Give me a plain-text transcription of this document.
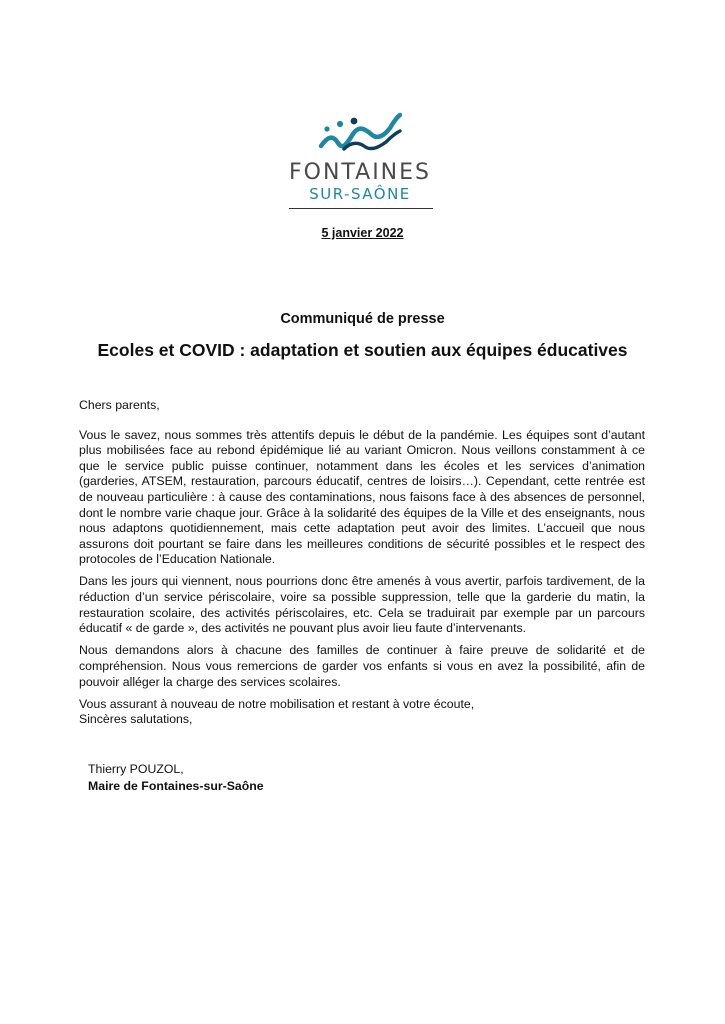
FONTAINES
SUR-SAÔNE
5 janvier 2022
Communiqué de presse
Ecoles et COVID : adaptation et soutien aux équipes éducatives

Chers parents,

Vous le savez, nous sommes très attentifs depuis le début de la pandémie. Les équipes sont d’autant plus mobilisées face au rebond épidémique lié au variant Omicron. Nous veillons constamment à ce que le service public puisse continuer, notamment dans les écoles et les services d’animation (garderies, ATSEM, restauration, parcours éducatif, centres de loisirs…). Cependant, cette rentrée est de nouveau particulière : à cause des contaminations, nous faisons face à des absences de personnel, dont le nombre varie chaque jour. Grâce à la solidarité des équipes de la Ville et des enseignants, nous nous adaptons quotidiennement, mais cette adaptation peut avoir des limites. L’accueil que nous assurons doit pourtant se faire dans les meilleures conditions de sécurité possibles et le respect des protocoles de l’Education Nationale.

Dans les jours qui viennent, nous pourrions donc être amenés à vous avertir, parfois tardivement, de la réduction d’un service périscolaire, voire sa possible suppression, telle que la garderie du matin, la restauration scolaire, des activités périscolaires, etc. Cela se traduirait par exemple par un parcours éducatif « de garde », des activités ne pouvant plus avoir lieu faute d’intervenants.

Nous demandons alors à chacune des familles de continuer à faire preuve de solidarité et de compréhension. Nous vous remercions de garder vos enfants si vous en avez la possibilité, afin de pouvoir alléger la charge des services scolaires.

Vous assurant à nouveau de notre mobilisation et restant à votre écoute,

Sincères salutations,

Thierry POUZOL,
Maire de Fontaines-sur-Saône
